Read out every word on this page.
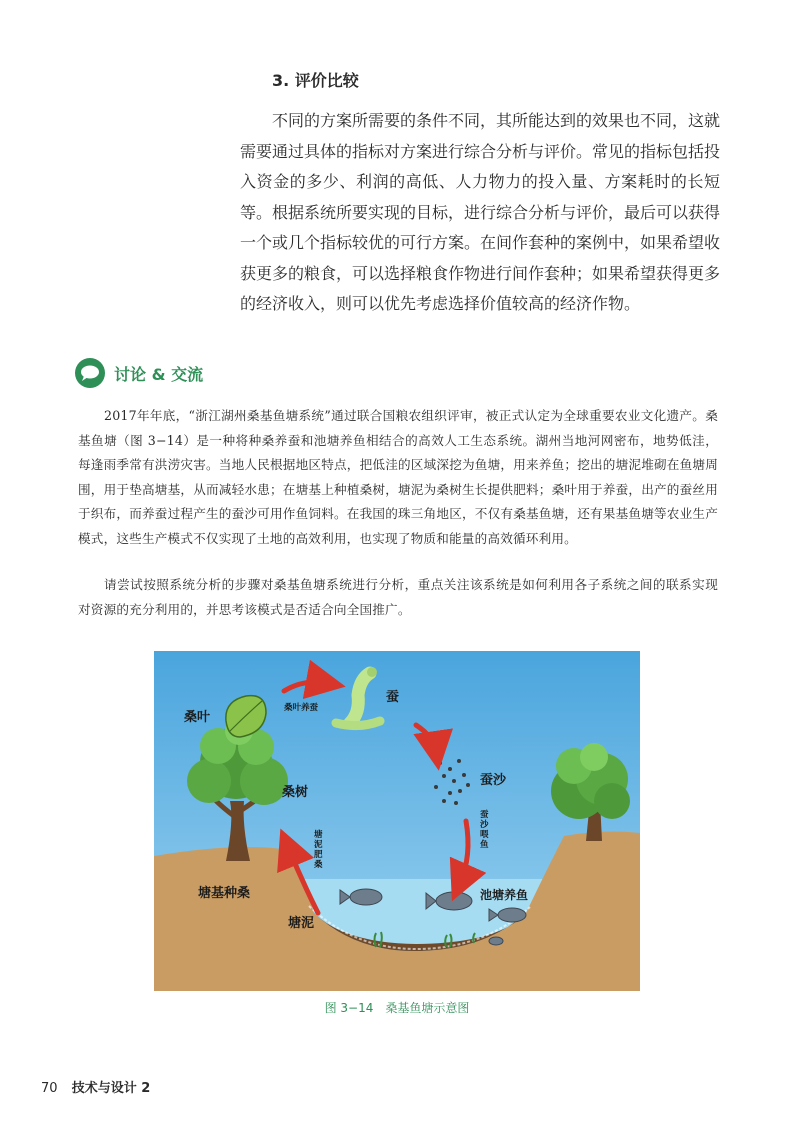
3. 评价比较
不同的方案所需要的条件不同，其所能达到的效果也不同，这就需要通过具体的指标对方案进行综合分析与评价。常见的指标包括投入资金的多少、利润的高低、人力物力的投入量、方案耗时的长短等。根据系统所要实现的目标，进行综合分析与评价，最后可以获得一个或几个指标较优的可行方案。在间作套种的案例中，如果希望收获更多的粮食，可以选择粮食作物进行间作套种；如果希望获得更多的经济收入，则可以优先考虑选择价值较高的经济作物。
讨论 & 交流
2017年年底，“浙江湖州桑基鱼塘系统”通过联合国粮农组织评审，被正式认定为全球重要农业文化遗产。桑基鱼塘（图 3−14）是一种将种桑养蚕和池塘养鱼相结合的高效人工生态系统。湖州当地河网密布，地势低洼，每逢雨季常有洪涝灾害。当地人民根据地区特点，把低洼的区域深挖为鱼塘，用来养鱼；挖出的塘泥堆砌在鱼塘周围，用于垫高塘基，从而减轻水患；在塘基上种植桑树，塘泥为桑树生长提供肥料；桑叶用于养蚕，出产的蚕丝用于织布，而养蚕过程产生的蚕沙可用作鱼饲料。在我国的珠三角地区，不仅有桑基鱼塘，还有果基鱼塘等农业生产模式，这些生产模式不仅实现了土地的高效利用，也实现了物质和能量的高效循环利用。
请尝试按照系统分析的步骤对桑基鱼塘系统进行分析，重点关注该系统是如何利用各子系统之间的联系实现对资源的充分利用的，并思考该模式是否适合向全国推广。
桑叶
桑叶养蚕
蚕
蚕沙
桑树
塘基种桑	池塘养鱼
塘泥
蚕
沙
喂
鱼
塘
泥
肥
桑
图 3−14 桑基鱼塘示意图
70 技术与设计 2
